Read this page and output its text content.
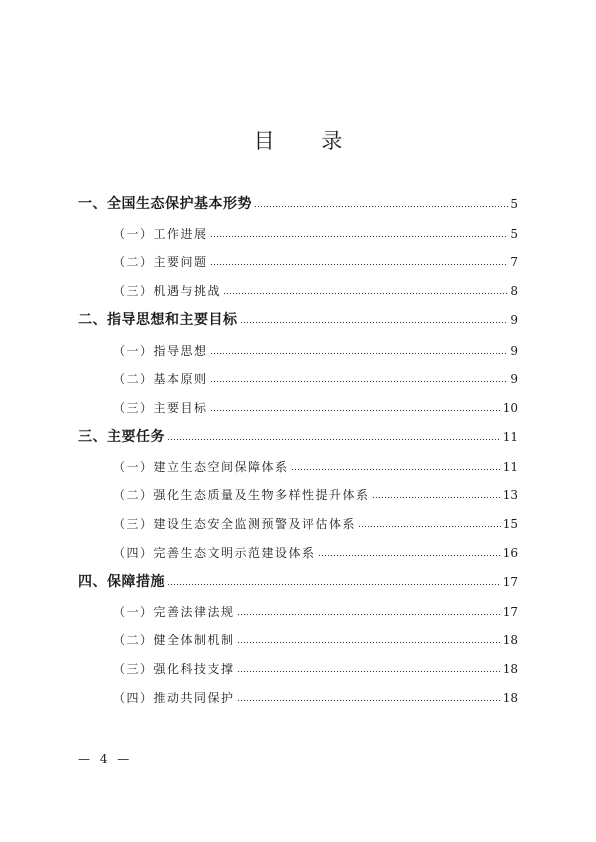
目 录
一、全国生态保护基本形势	5
（一）工作进展	5
（二）主要问题	7
（三）机遇与挑战	8
二、指导思想和主要目标	9
（一）指导思想	9
（二）基本原则	9
（三）主要目标	10
三、主要任务	11
（一）建立生态空间保障体系	11
（二）强化生态质量及生物多样性提升体系	13
（三）建设生态安全监测预警及评估体系	15
（四）完善生态文明示范建设体系	16
四、保障措施	17
（一）完善法律法规	17
（二）健全体制机制	18
（三）强化科技支撑	18
（四）推动共同保护	18
— 4 —
